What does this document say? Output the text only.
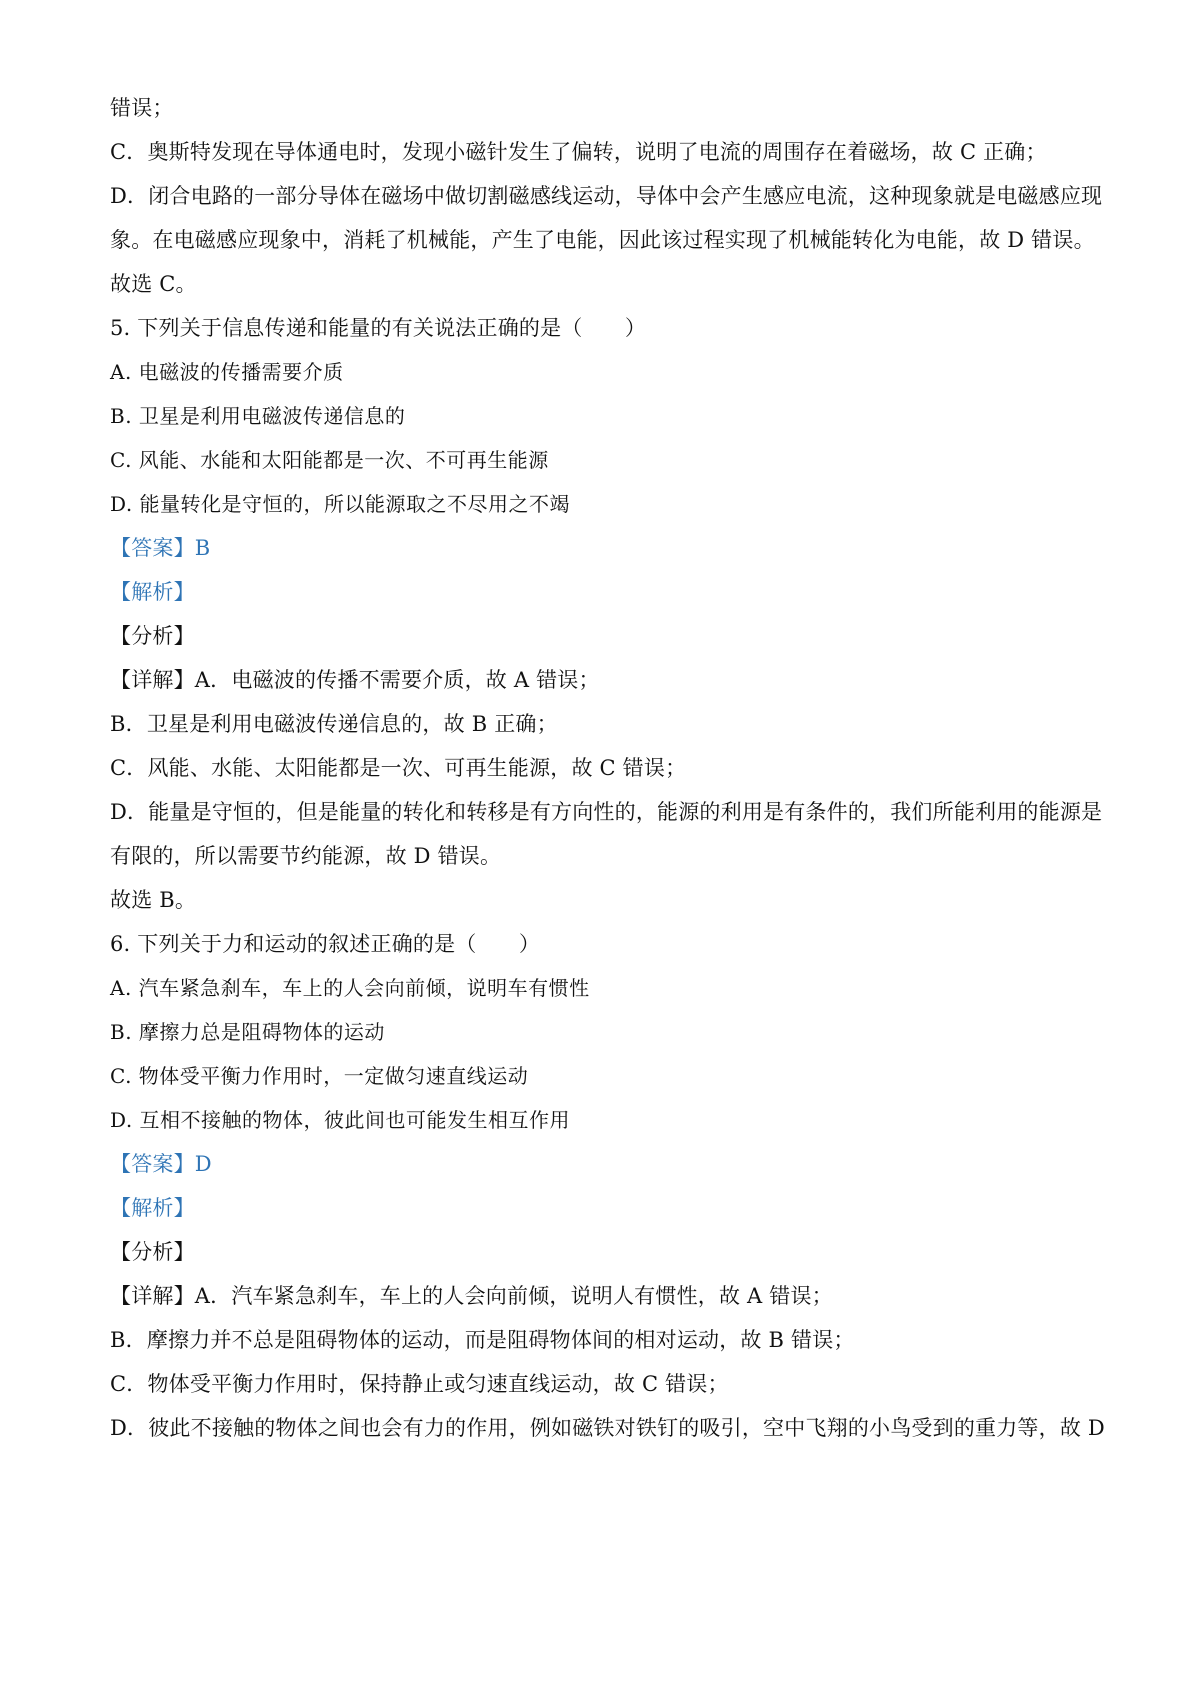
错误；
C．奥斯特发现在导体通电时，发现小磁针发生了偏转，说明了电流的周围存在着磁场，故 C 正确；
D．闭合电路的一部分导体在磁场中做切割磁感线运动，导体中会产生感应电流，这种现象就是电磁感应现
象。在电磁感应现象中，消耗了机械能，产生了电能，因此该过程实现了机械能转化为电能，故 D 错误。
故选 C。
5. 下列关于信息传递和能量的有关说法正确的是（　　）
A. 电磁波的传播需要介质
B. 卫星是利用电磁波传递信息的
C. 风能、水能和太阳能都是一次、不可再生能源
D. 能量转化是守恒的，所以能源取之不尽用之不竭
【答案】B
【解析】
【分析】
【详解】A．电磁波的传播不需要介质，故 A 错误；
B．卫星是利用电磁波传递信息的，故 B 正确；
C．风能、水能、太阳能都是一次、可再生能源，故 C 错误；
D．能量是守恒的，但是能量的转化和转移是有方向性的，能源的利用是有条件的，我们所能利用的能源是
有限的，所以需要节约能源，故 D 错误。
故选 B。
6. 下列关于力和运动的叙述正确的是（　　）
A. 汽车紧急刹车，车上的人会向前倾，说明车有惯性
B. 摩擦力总是阻碍物体的运动
C. 物体受平衡力作用时，一定做匀速直线运动
D. 互相不接触的物体，彼此间也可能发生相互作用
【答案】D
【解析】
【分析】
【详解】A．汽车紧急刹车，车上的人会向前倾，说明人有惯性，故 A 错误；
B．摩擦力并不总是阻碍物体的运动，而是阻碍物体间的相对运动，故 B 错误；
C．物体受平衡力作用时，保持静止或匀速直线运动，故 C 错误；
D．彼此不接触的物体之间也会有力的作用，例如磁铁对铁钉的吸引，空中飞翔的小鸟受到的重力等，故 D
